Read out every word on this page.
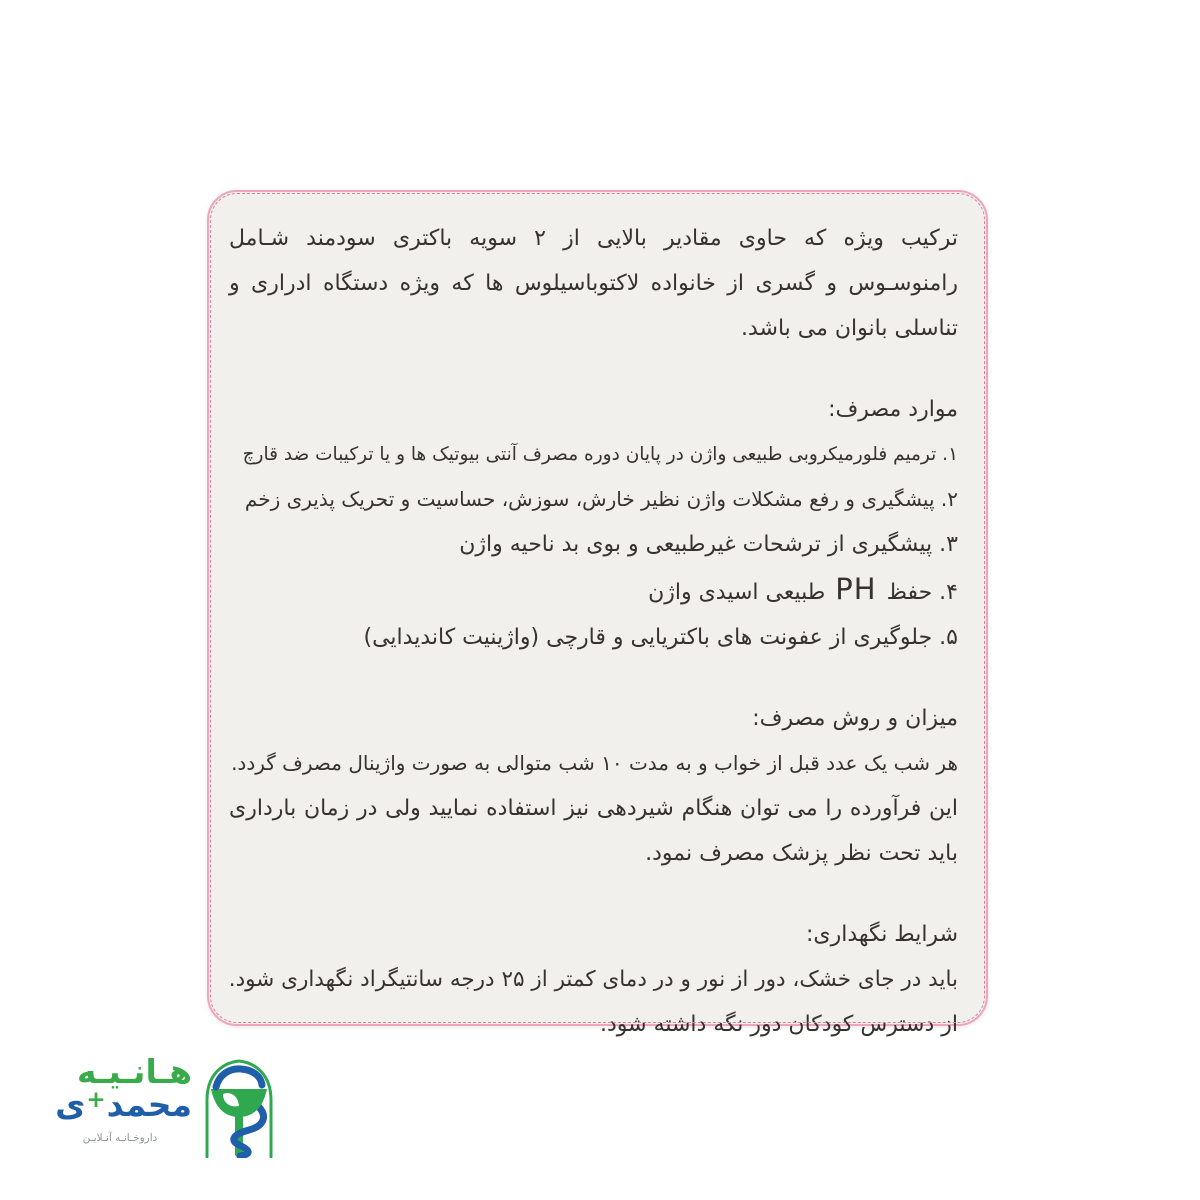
ترکیب ویژه که حاوی مقادیر بالایی از ۲ سویه باکتری سودمند شـامل رامنوسـوس و گسری از خانواده لاکتوباسیلوس ها که ویژه دستگاه ادراری و تناسلی بانوان می باشد.

موارد مصرف:

۱. ترمیم فلورمیکروبی طبیعی واژن در پایان دوره مصرف آنتی بیوتیک ها و یا ترکیبات ضد قارچ
۲. پیشگیری و رفع مشکلات واژن نظیر خارش، سوزش، حساسیت و تحریک پذیری زخم
۳. پیشگیری از ترشحات غیرطبیعی و بوی بد ناحیه واژن
۴. حفظ PH طبیعی اسیدی واژن
۵. جلوگیری از عفونت های باکتریایی و قارچی (واژینیت کاندیدایی)

میزان و روش مصرف:

هر شب یک عدد قبل از خواب و به مدت ۱۰ شب متوالی به صورت واژینال مصرف گردد.

این فرآورده را می توان هنگام شیردهی نیز استفاده نمایید ولی در زمان بارداری باید تحت نظر پزشک مصرف نمود.

شرایط نگهداری:

باید در جای خشک، دور از نور و در دمای کمتر از ۲۵ درجه سانتیگراد نگهداری شود.
از دسترس کودکان دور نگه داشته شود.
هـانـیـه
محمد+ی
داروخـانـه آنـلایـن
